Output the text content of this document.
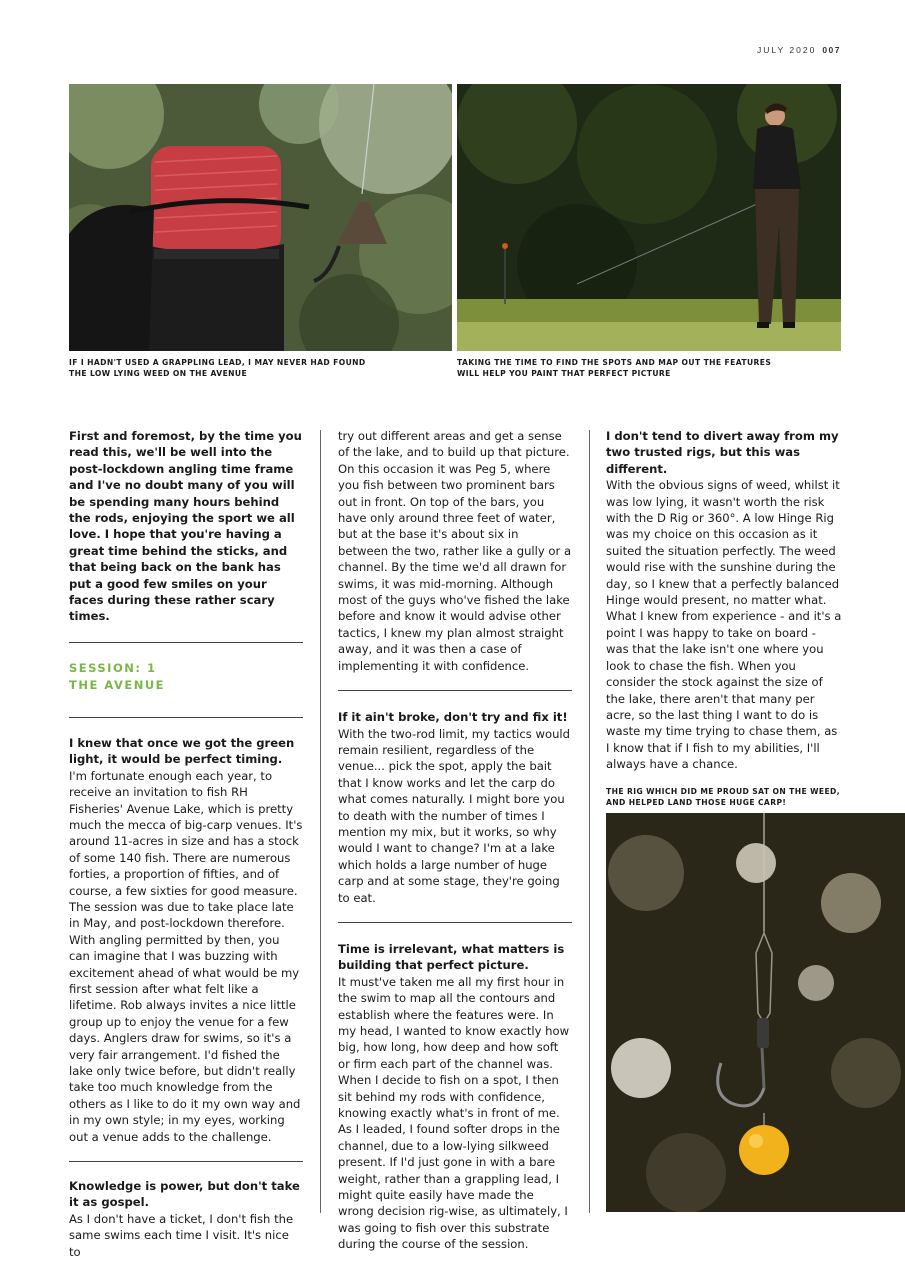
JULY 2020 007
IF I HADN'T USED A GRAPPLING LEAD, I MAY NEVER HAD FOUND THE LOW LYING WEED ON THE AVENUE
TAKING THE TIME TO FIND THE SPOTS AND MAP OUT THE FEATURES WILL HELP YOU PAINT THAT PERFECT PICTURE

First and foremost, by the time you read this, we'll be well into the post-lockdown angling time frame and I've no doubt many of you will be spending many hours behind the rods, enjoying the sport we all love. I hope that you're having a great time behind the sticks, and that being back on the bank has put a good few smiles on your faces during these rather scary times.

SESSION: 1

THE AVENUE

I knew that once we got the green light, it would be perfect timing.

I'm fortunate enough each year, to receive an invitation to fish RH Fisheries' Avenue Lake, which is pretty much the mecca of big-carp venues. It's around 11-acres in size and has a stock of some 140 fish. There are numerous forties, a proportion of fifties, and of course, a few sixties for good measure. The session was due to take place late in May, and post-lockdown therefore. With angling permitted by then, you can imagine that I was buzzing with excitement ahead of what would be my first session after what felt like a lifetime. Rob always invites a nice little group up to enjoy the venue for a few days. Anglers draw for swims, so it's a very fair arrangement. I'd fished the lake only twice before, but didn't really take too much knowledge from the others as I like to do it my own way and in my own style; in my eyes, working out a venue adds to the challenge.

Knowledge is power, but don't take it as gospel.

As I don't have a ticket, I don't fish the same swims each time I visit. It's nice to

try out different areas and get a sense of the lake, and to build up that picture. On this occasion it was Peg 5, where you fish between two prominent bars out in front. On top of the bars, you have only around three feet of water, but at the base it's about six in between the two, rather like a gully or a channel. By the time we'd all drawn for swims, it was mid-morning. Although most of the guys who've fished the lake before and know it would advise other tactics, I knew my plan almost straight away, and it was then a case of implementing it with confidence.

If it ain't broke, don't try and fix it!

With the two-rod limit, my tactics would remain resilient, regardless of the venue... pick the spot, apply the bait that I know works and let the carp do what comes naturally. I might bore you to death with the number of times I mention my mix, but it works, so why would I want to change? I'm at a lake which holds a large number of huge carp and at some stage, they're going to eat.

Time is irrelevant, what matters is building that perfect picture.

It must've taken me all my first hour in the swim to map all the contours and establish where the features were. In my head, I wanted to know exactly how big, how long, how deep and how soft or firm each part of the channel was. When I decide to fish on a spot, I then sit behind my rods with confidence, knowing exactly what's in front of me. As I leaded, I found softer drops in the channel, due to a low-lying silkweed present. If I'd just gone in with a bare weight, rather than a grappling lead, I might quite easily have made the wrong decision rig-wise, as ultimately, I was going to fish over this substrate during the course of the session.

I don't tend to divert away from my two trusted rigs, but this was different.

With the obvious signs of weed, whilst it was low lying, it wasn't worth the risk with the D Rig or 360°. A low Hinge Rig was my choice on this occasion as it suited the situation perfectly. The weed would rise with the sunshine during the day, so I knew that a perfectly balanced Hinge would present, no matter what. What I knew from experience - and it's a point I was happy to take on board - was that the lake isn't one where you look to chase the fish. When you consider the stock against the size of the lake, there aren't that many per acre, so the last thing I want to do is waste my time trying to chase them, as I know that if I fish to my abilities, I'll always have a chance.

THE RIG WHICH DID ME PROUD SAT ON THE WEED, AND HELPED LAND THOSE HUGE CARP!
